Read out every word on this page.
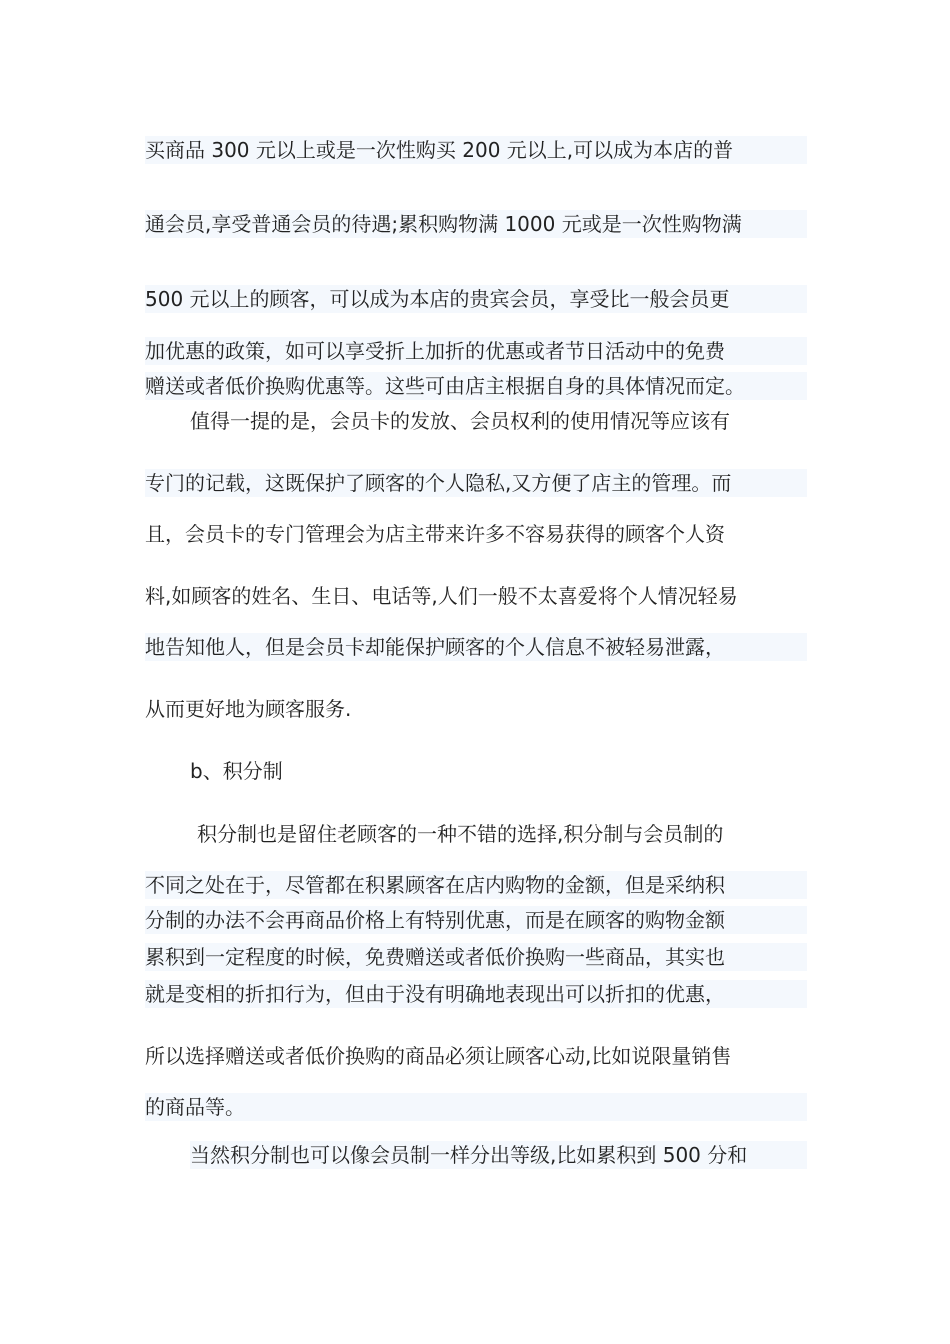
买商品 300 元以上或是一次性购买 200 元以上,可以成为本店的普
通会员,享受普通会员的待遇;累积购物满 1000 元或是一次性购物满
500 元以上的顾客，可以成为本店的贵宾会员，享受比一般会员更
加优惠的政策，如可以享受折上加折的优惠或者节日活动中的免费
赠送或者低价换购优惠等。这些可由店主根据自身的具体情况而定。
值得一提的是，会员卡的发放、会员权利的使用情况等应该有
专门的记载，这既保护了顾客的个人隐私,又方便了店主的管理。而
且，会员卡的专门管理会为店主带来许多不容易获得的顾客个人资
料,如顾客的姓名、生日、电话等,人们一般不太喜爱将个人情况轻易
地告知他人，但是会员卡却能保护顾客的个人信息不被轻易泄露，
从而更好地为顾客服务.
b、积分制
积分制也是留住老顾客的一种不错的选择,积分制与会员制的
不同之处在于，尽管都在积累顾客在店内购物的金额，但是采纳积
分制的办法不会再商品价格上有特别优惠，而是在顾客的购物金额
累积到一定程度的时候，免费赠送或者低价换购一些商品，其实也
就是变相的折扣行为，但由于没有明确地表现出可以折扣的优惠，
所以选择赠送或者低价换购的商品必须让顾客心动,比如说限量销售
的商品等。
当然积分制也可以像会员制一样分出等级,比如累积到 500 分和
